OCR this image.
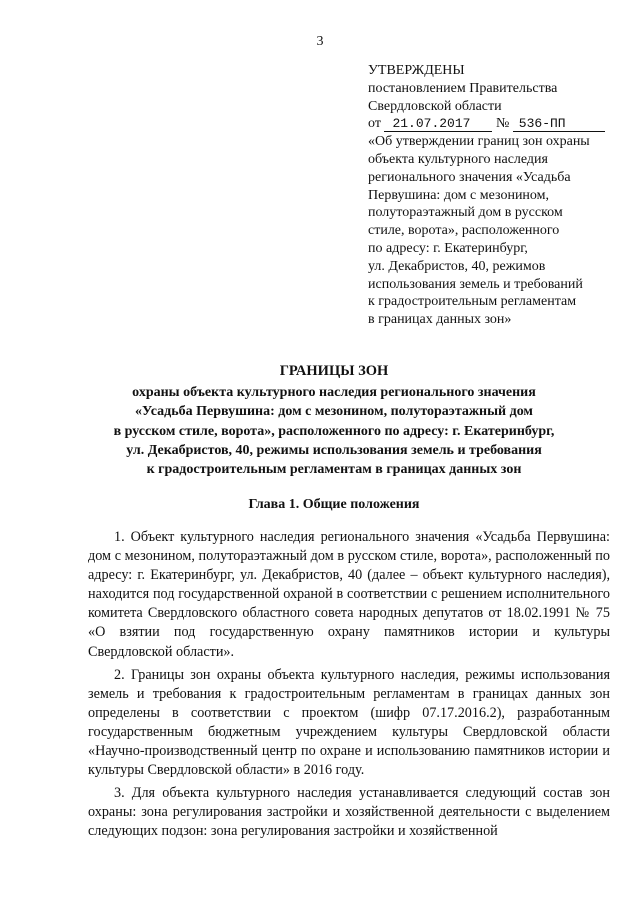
3
УТВЕРЖДЕНЫ
постановлением Правительства
Свердловской области
от 21.07.2017 № 536-ПП
«Об утверждении границ зон охраны
объекта культурного наследия
регионального значения «Усадьба
Первушина: дом с мезонином,
полутораэтажный дом в русском
стиле, ворота», расположенного
по адресу: г. Екатеринбург,
ул. Декабристов, 40, режимов
использования земель и требований
к градостроительным регламентам
в границах данных зон»
ГРАНИЦЫ ЗОН
охраны объекта культурного наследия регионального значения
«Усадьба Первушина: дом с мезонином, полутораэтажный дом
в русском стиле, ворота», расположенного по адресу: г. Екатеринбург,
ул. Декабристов, 40, режимы использования земель и требования
к градостроительным регламентам в границах данных зон
Глава 1. Общие положения

1. Объект культурного наследия регионального значения «Усадьба Первушина: дом с мезонином, полутораэтажный дом в русском стиле, ворота», расположенный по адресу: г. Екатеринбург, ул. Декабристов, 40 (далее – объект культурного наследия), находится под государственной охраной в соответствии с решением исполнительного комитета Свердловского областного совета народных депутатов от 18.02.1991 № 75 «О взятии под государственную охрану памятников истории и культуры Свердловской области».

2. Границы зон охраны объекта культурного наследия, режимы использования земель и требования к градостроительным регламентам в границах данных зон определены в соответствии с проектом (шифр 07.17.2016.2), разработанным государственным бюджетным учреждением культуры Свердловской области «Научно-производственный центр по охране и использованию памятников истории и культуры Свердловской области» в 2016 году.

3. Для объекта культурного наследия устанавливается следующий состав зон охраны: зона регулирования застройки и хозяйственной деятельности с выделением следующих подзон: зона регулирования застройки и хозяйственной
